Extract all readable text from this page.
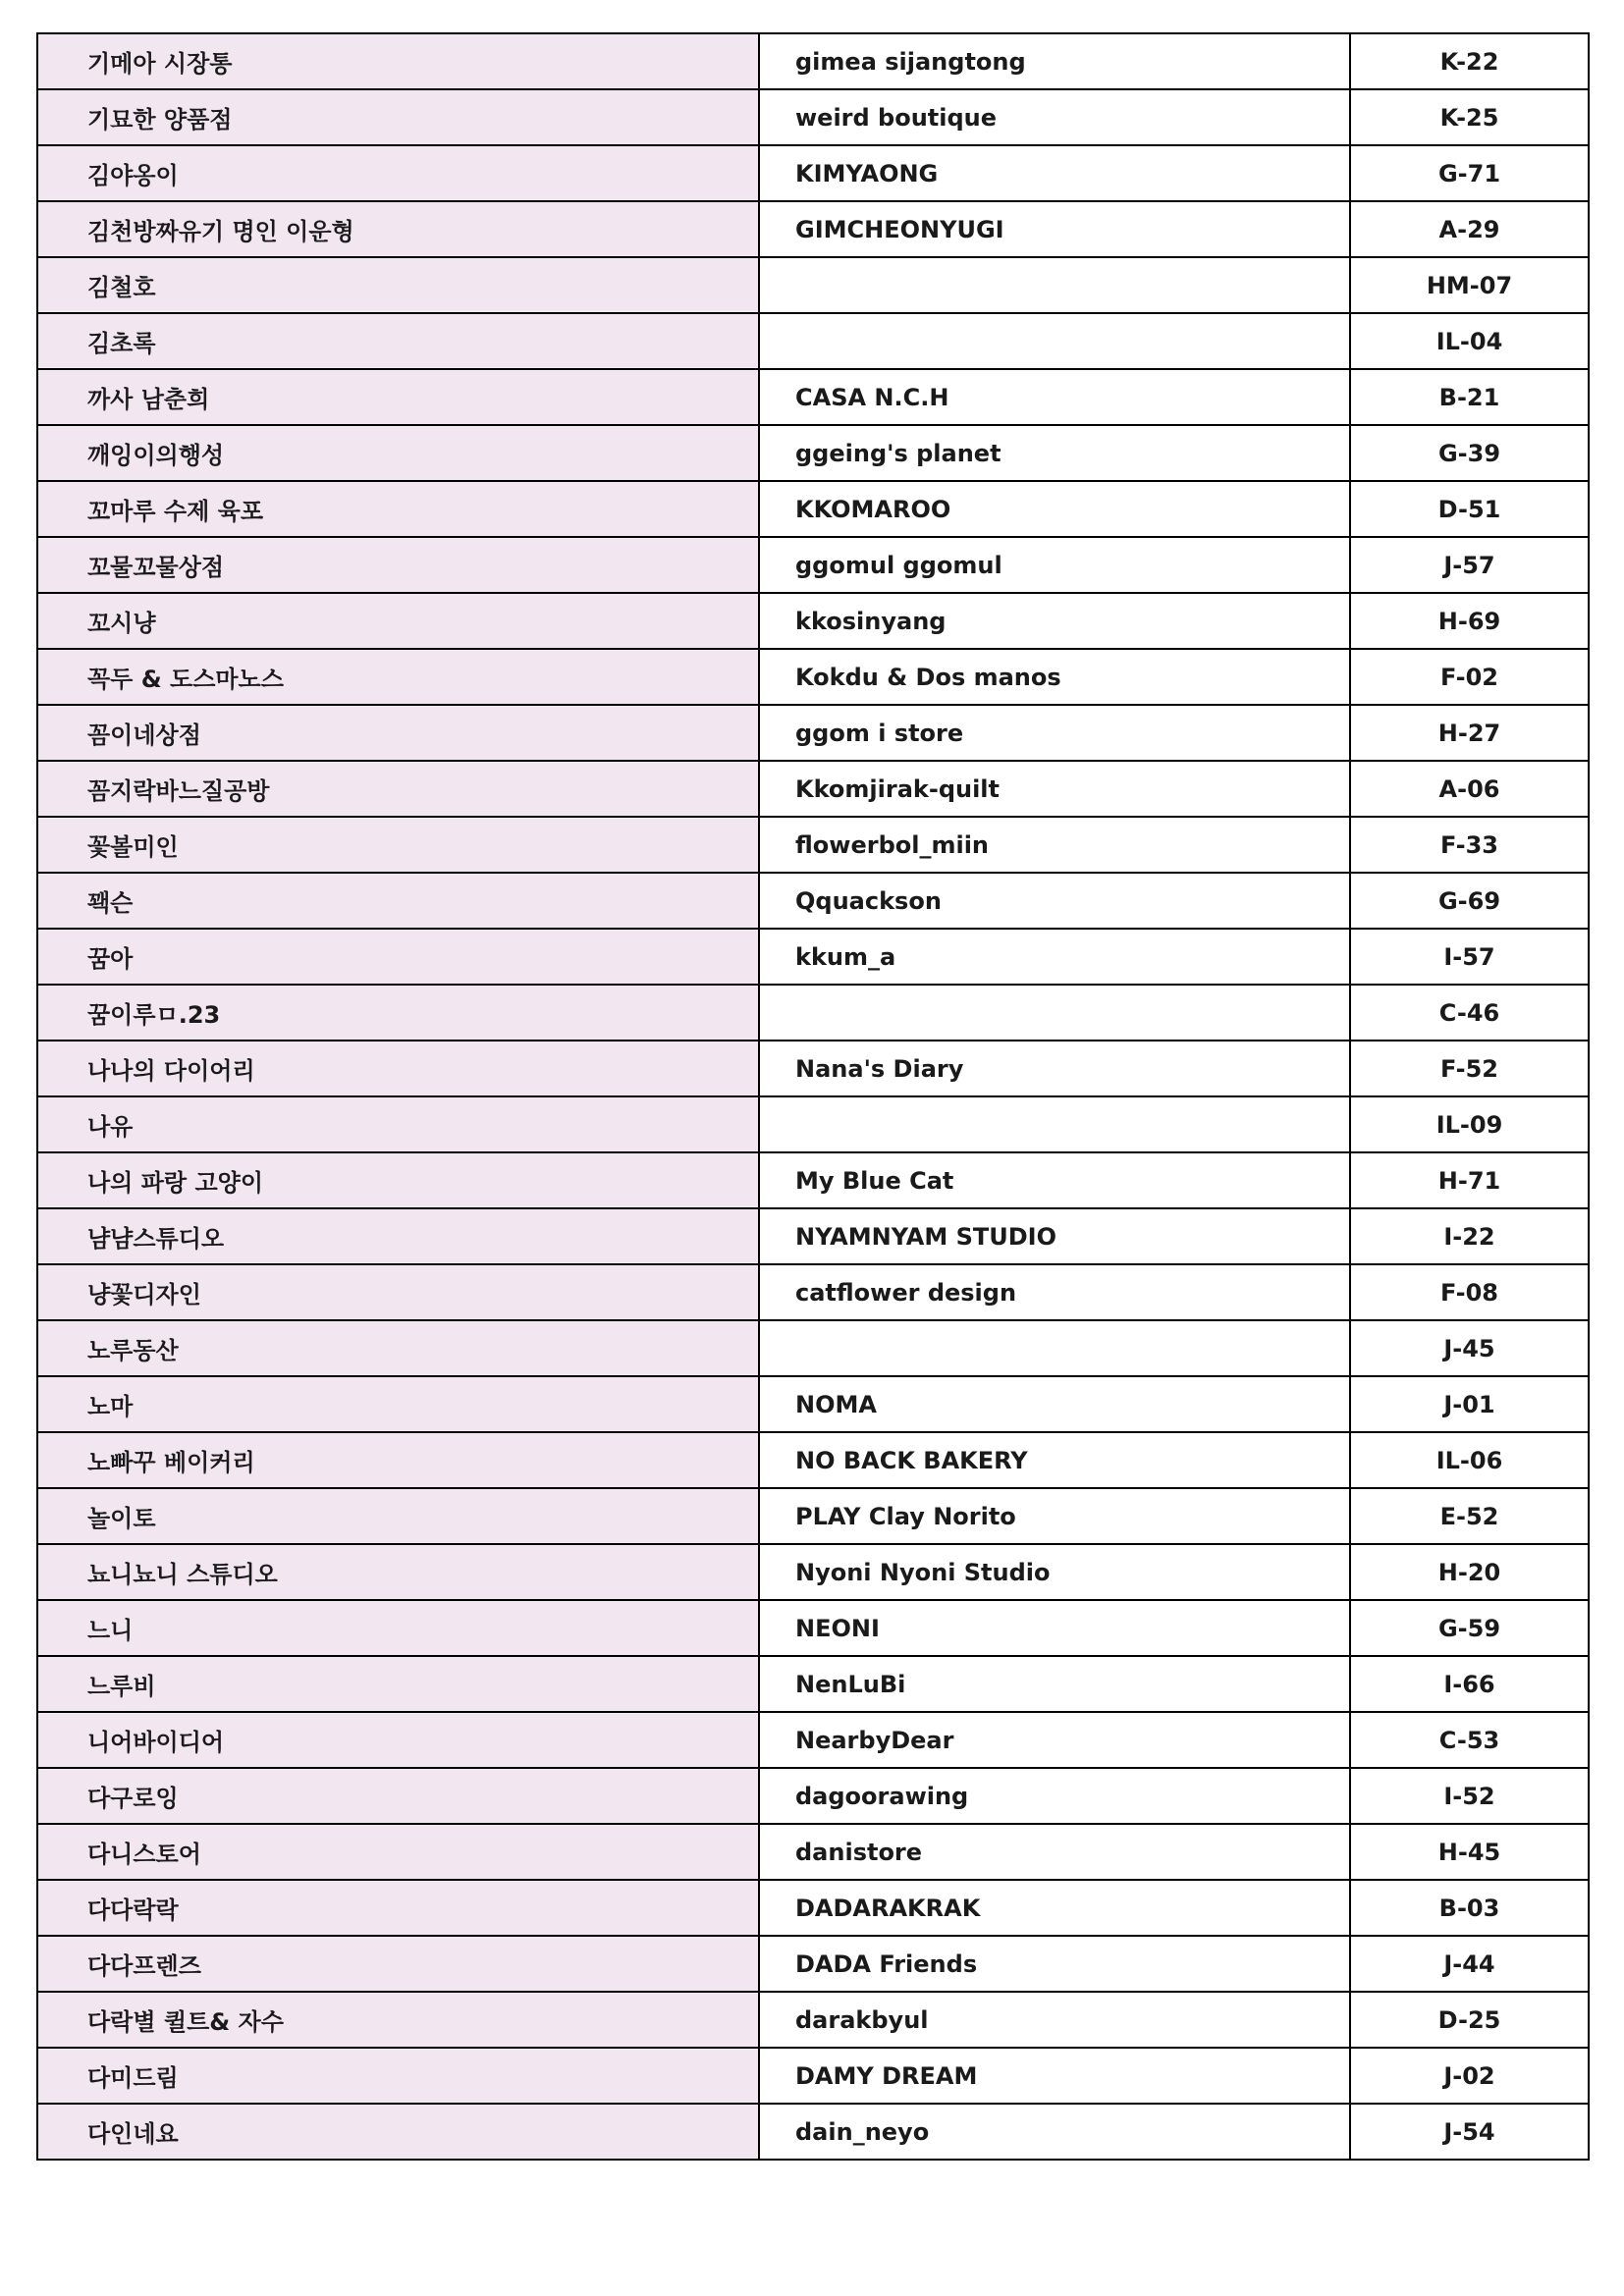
기메아 시장통	gimea sijangtong	K-22
기묘한 양품점	weird boutique	K-25
김야옹이	KIMYAONG	G-71
김천방짜유기 명인 이운형	GIMCHEONYUGI	A-29
김철호		HM-07
김초록		IL-04
까사 남춘희	CASA N.C.H	B-21
깨잉이의행성	ggeing's planet	G-39
꼬마루 수제 육포	KKOMAROO	D-51
꼬물꼬물상점	ggomul ggomul	J-57
꼬시냥	kkosinyang	H-69
꼭두 & 도스마노스	Kokdu & Dos manos	F-02
꼼이네상점	ggom i store	H-27
꼼지락바느질공방	Kkomjirak-quilt	A-06
꽃볼미인	flowerbol_miin	F-33
꽥슨	Qquackson	G-69
꿈아	kkum_a	I-57
꿈이루ㅁ.23		C-46
나나의 다이어리	Nana's Diary	F-52
나유		IL-09
나의 파랑 고양이	My Blue Cat	H-71
냠냠스튜디오	NYAMNYAM STUDIO	I-22
냥꽃디자인	catflower design	F-08
노루동산		J-45
노마	NOMA	J-01
노빠꾸 베이커리	NO BACK BAKERY	IL-06
놀이토	PLAY Clay Norito	E-52
뇨니뇨니 스튜디오	Nyoni Nyoni Studio	H-20
느니	NEONI	G-59
느루비	NenLuBi	I-66
니어바이디어	NearbyDear	C-53
다구로잉	dagoorawing	I-52
다니스토어	danistore	H-45
다다락락	DADARAKRAK	B-03
다다프렌즈	DADA Friends	J-44
다락별 퀼트& 자수	darakbyul	D-25
다미드림	DAMY DREAM	J-02
다인네요	dain_neyo	J-54
